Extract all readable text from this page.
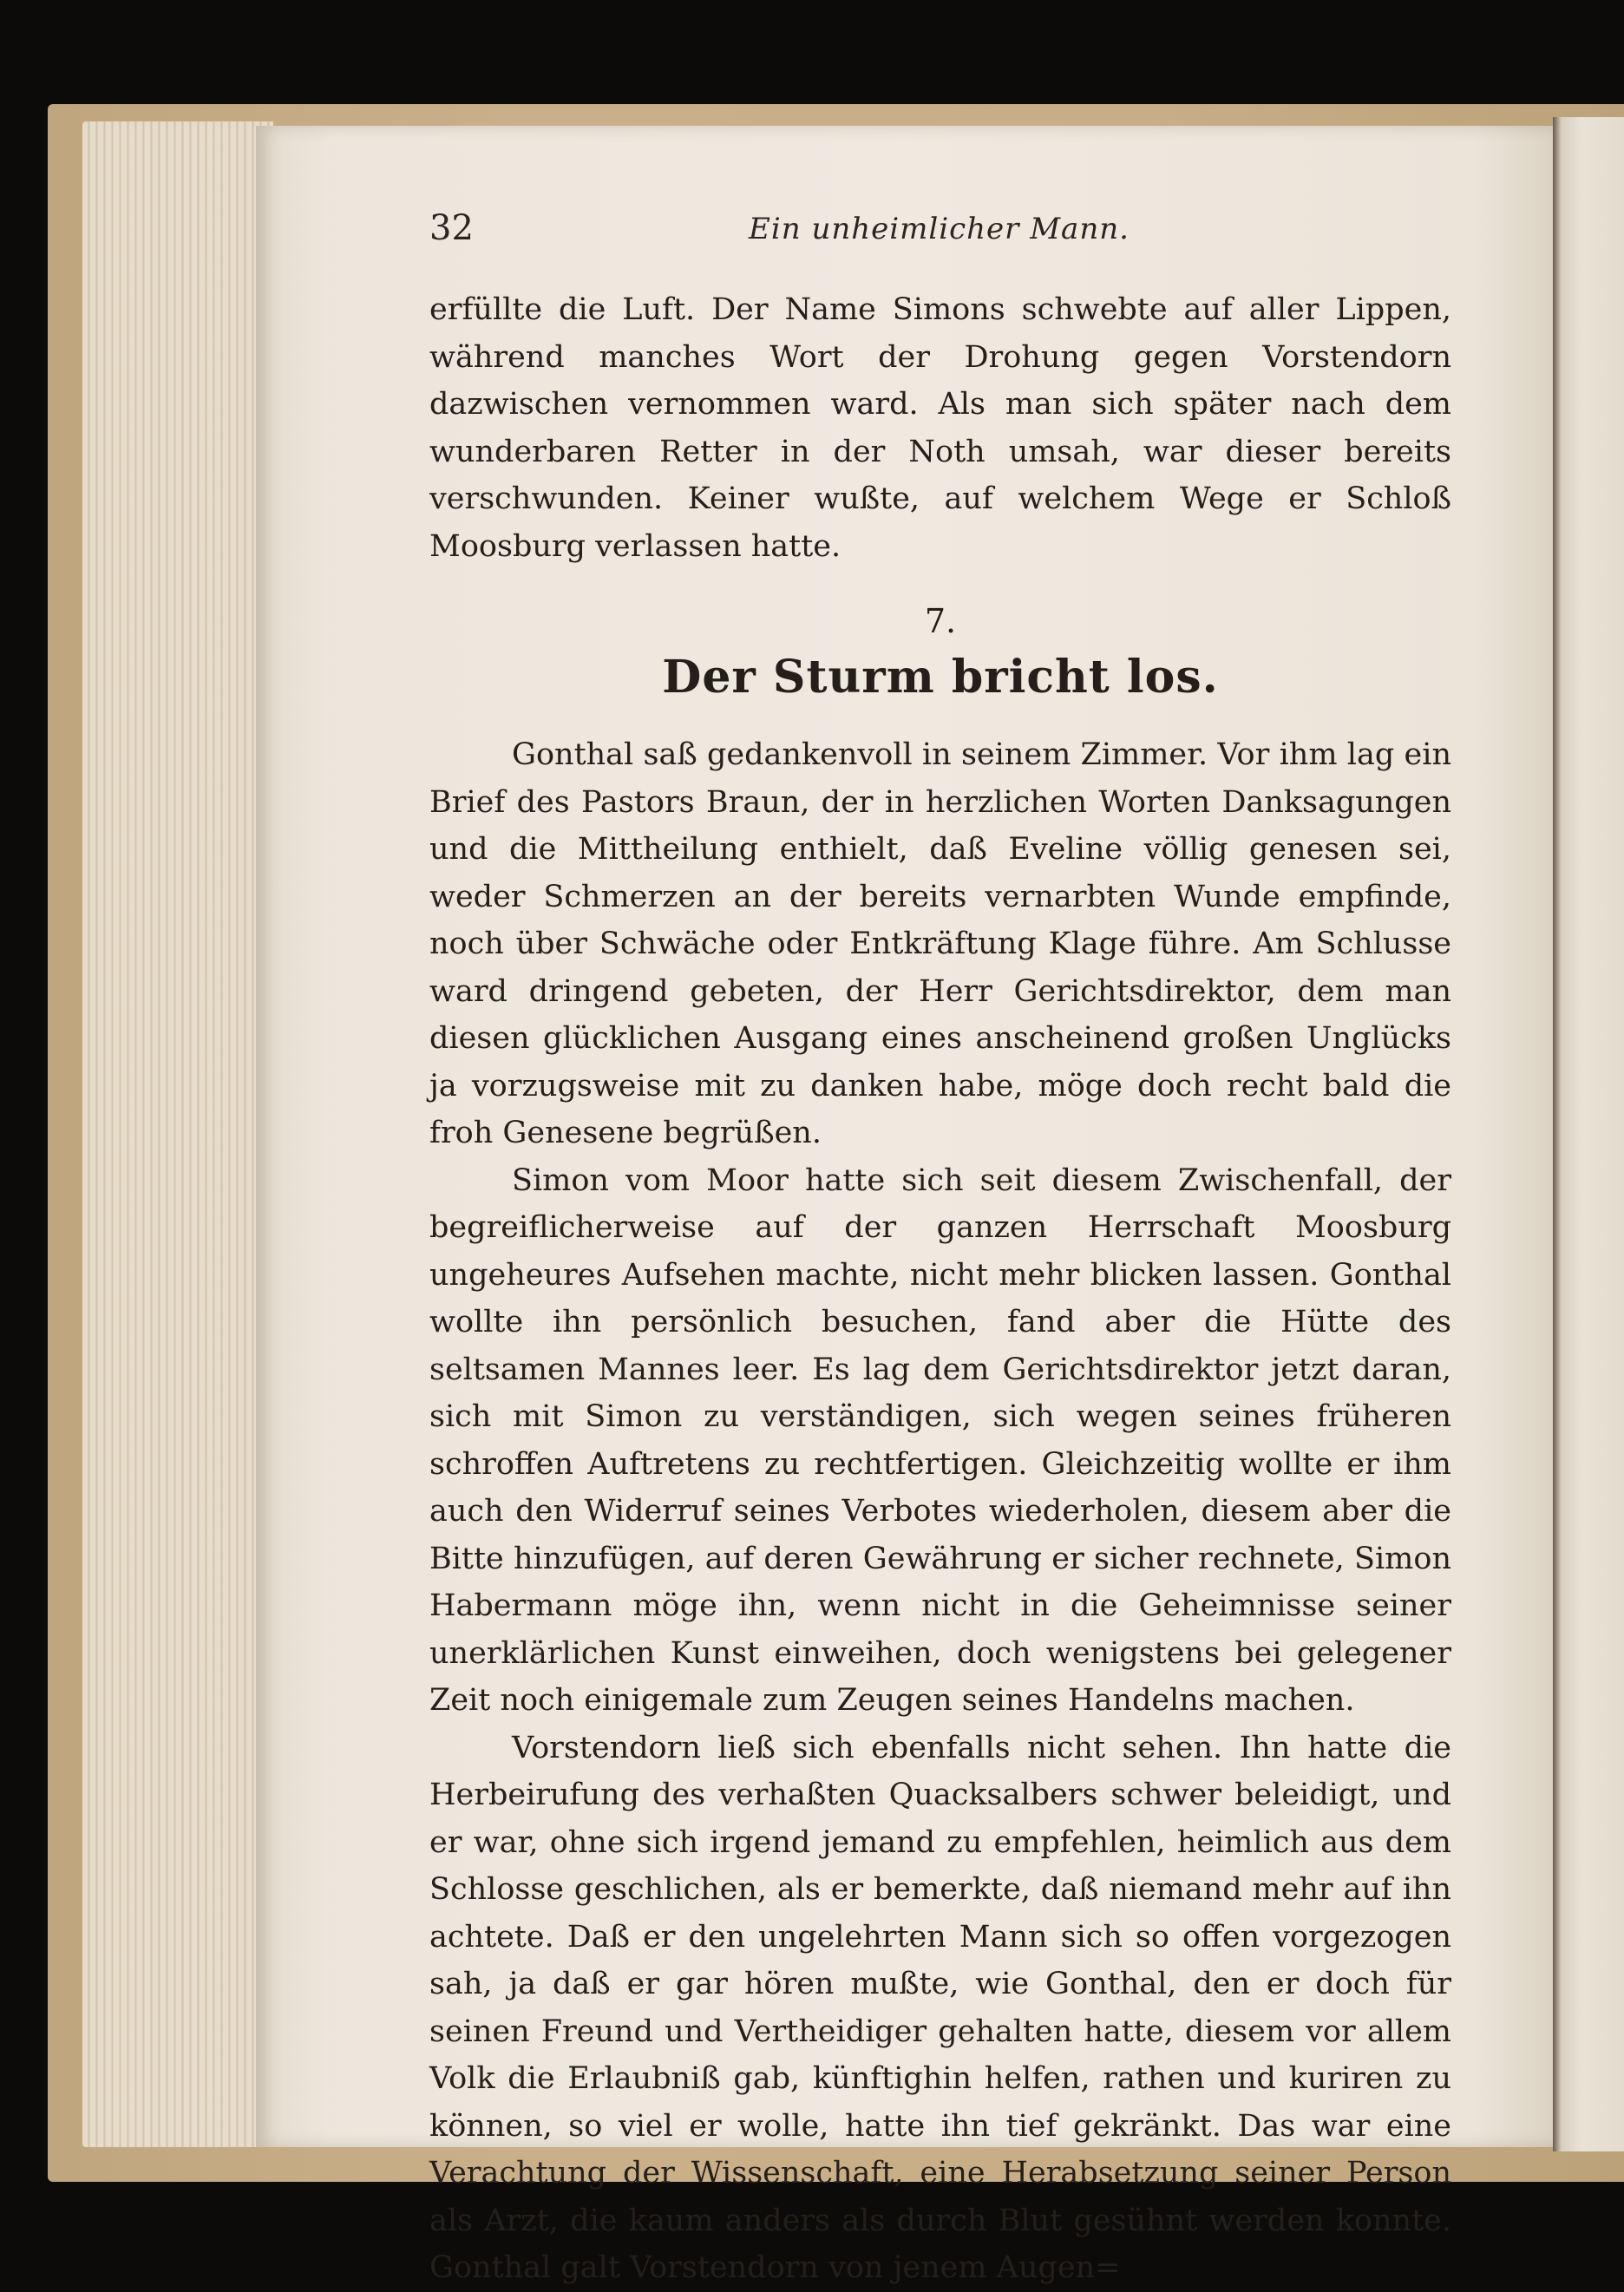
32	Ein unheimlicher Mann.

erfüllte die Luft. Der Name Simons schwebte auf aller Lippen, während manches Wort der Drohung gegen Vorstendorn dazwischen vernommen ward. Als man sich später nach dem wunderbaren Retter in der Noth umsah, war dieser bereits verschwunden. Keiner wußte, auf welchem Wege er Schloß Moosburg verlassen hatte.

7.
Der Sturm bricht los.

Gonthal saß gedankenvoll in seinem Zimmer. Vor ihm lag ein Brief des Pastors Braun, der in herzlichen Worten Danksagungen und die Mittheilung enthielt, daß Eveline völlig genesen sei, weder Schmerzen an der bereits vernarbten Wunde empfinde, noch über Schwäche oder Entkräftung Klage führe. Am Schlusse ward dringend gebeten, der Herr Gerichtsdirektor, dem man diesen glücklichen Ausgang eines anscheinend großen Unglücks ja vorzugsweise mit zu danken habe, möge doch recht bald die froh Genesene begrüßen.

Simon vom Moor hatte sich seit diesem Zwischenfall, der begreiflicherweise auf der ganzen Herrschaft Moosburg ungeheures Aufsehen machte, nicht mehr blicken lassen. Gonthal wollte ihn persönlich besuchen, fand aber die Hütte des seltsamen Mannes leer. Es lag dem Gerichtsdirektor jetzt daran, sich mit Simon zu verständigen, sich wegen seines früheren schroffen Auftretens zu rechtfertigen. Gleichzeitig wollte er ihm auch den Widerruf seines Verbotes wiederholen, diesem aber die Bitte hinzufügen, auf deren Gewährung er sicher rechnete, Simon Habermann möge ihn, wenn nicht in die Geheimnisse seiner unerklärlichen Kunst einweihen, doch wenigstens bei gelegener Zeit noch einigemale zum Zeugen seines Handelns machen.

Vorstendorn ließ sich ebenfalls nicht sehen. Ihn hatte die Herbeirufung des verhaßten Quacksalbers schwer beleidigt, und er war, ohne sich irgend jemand zu empfehlen, heimlich aus dem Schlosse geschlichen, als er bemerkte, daß niemand mehr auf ihn achtete. Daß er den ungelehrten Mann sich so offen vorgezogen sah, ja daß er gar hören mußte, wie Gonthal, den er doch für seinen Freund und Vertheidiger gehalten hatte, diesem vor allem Volk die Erlaubniß gab, künftighin helfen, rathen und kuriren zu können, so viel er wolle, hatte ihn tief gekränkt. Das war eine Verachtung der Wissenschaft, eine Herabsetzung seiner Person als Arzt, die kaum anders als durch Blut gesühnt werden konnte. Gonthal galt Vorstendorn von jenem Augen=
